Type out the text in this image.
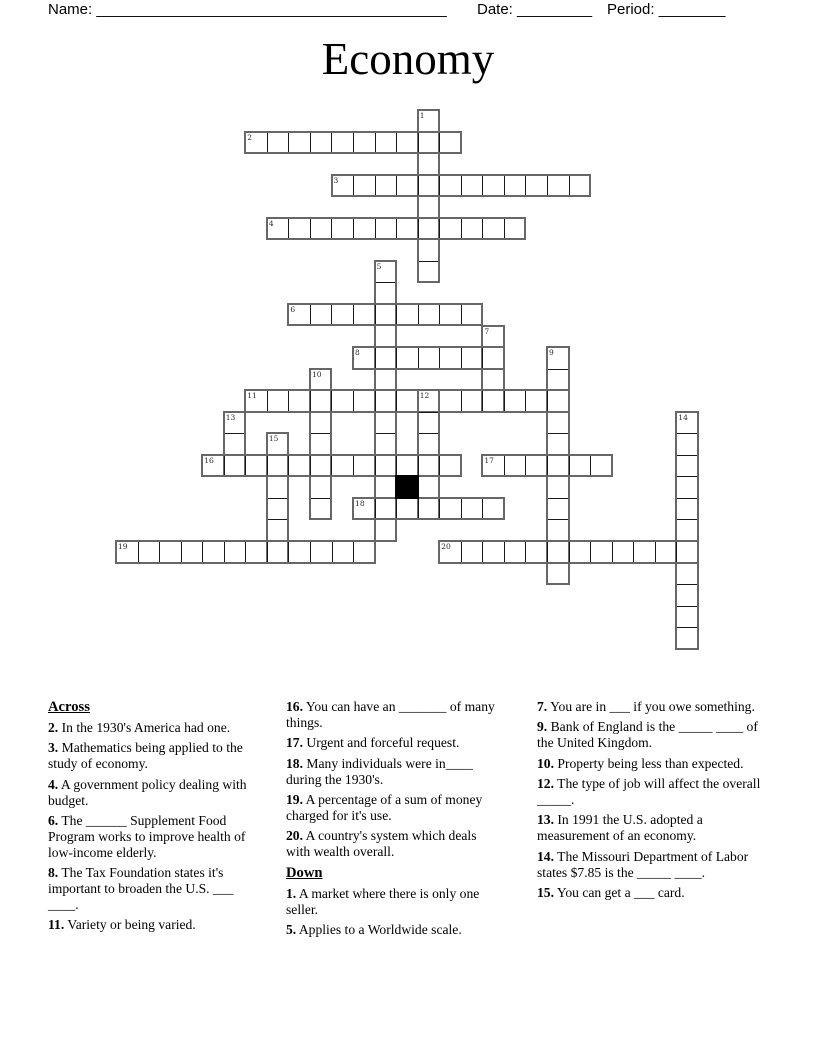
Name: __________________________________________ Date: _________ Period: ________
Economy
1
2
3
4
5
6
7
8	9
10
11	12
13	14
15
16	17
18
19	20
Across

2. In the 1930's America had one.

3. Mathematics being applied to the study of economy.

4. A government policy dealing with budget.

6. The ______ Supplement Food Program works to improve health of low-income elderly.

8. The Tax Foundation states it's important to broaden the U.S. ___ ____.

11. Variety or being varied.

16. You can have an _______ of many things.

17. Urgent and forceful request.

18. Many individuals were in____ during the 1930's.

19. A percentage of a sum of money charged for it's use.

20. A country's system which deals with wealth overall.

Down

1. A market where there is only one seller.

5. Applies to a Worldwide scale.

7. You are in ___ if you owe something.

9. Bank of England is the _____ ____ of the United Kingdom.

10. Property being less than expected.

12. The type of job will affect the overall _____.

13. In 1991 the U.S. adopted a measurement of an economy.

14. The Missouri Department of Labor states $7.85 is the _____ ____.

15. You can get a ___ card.
